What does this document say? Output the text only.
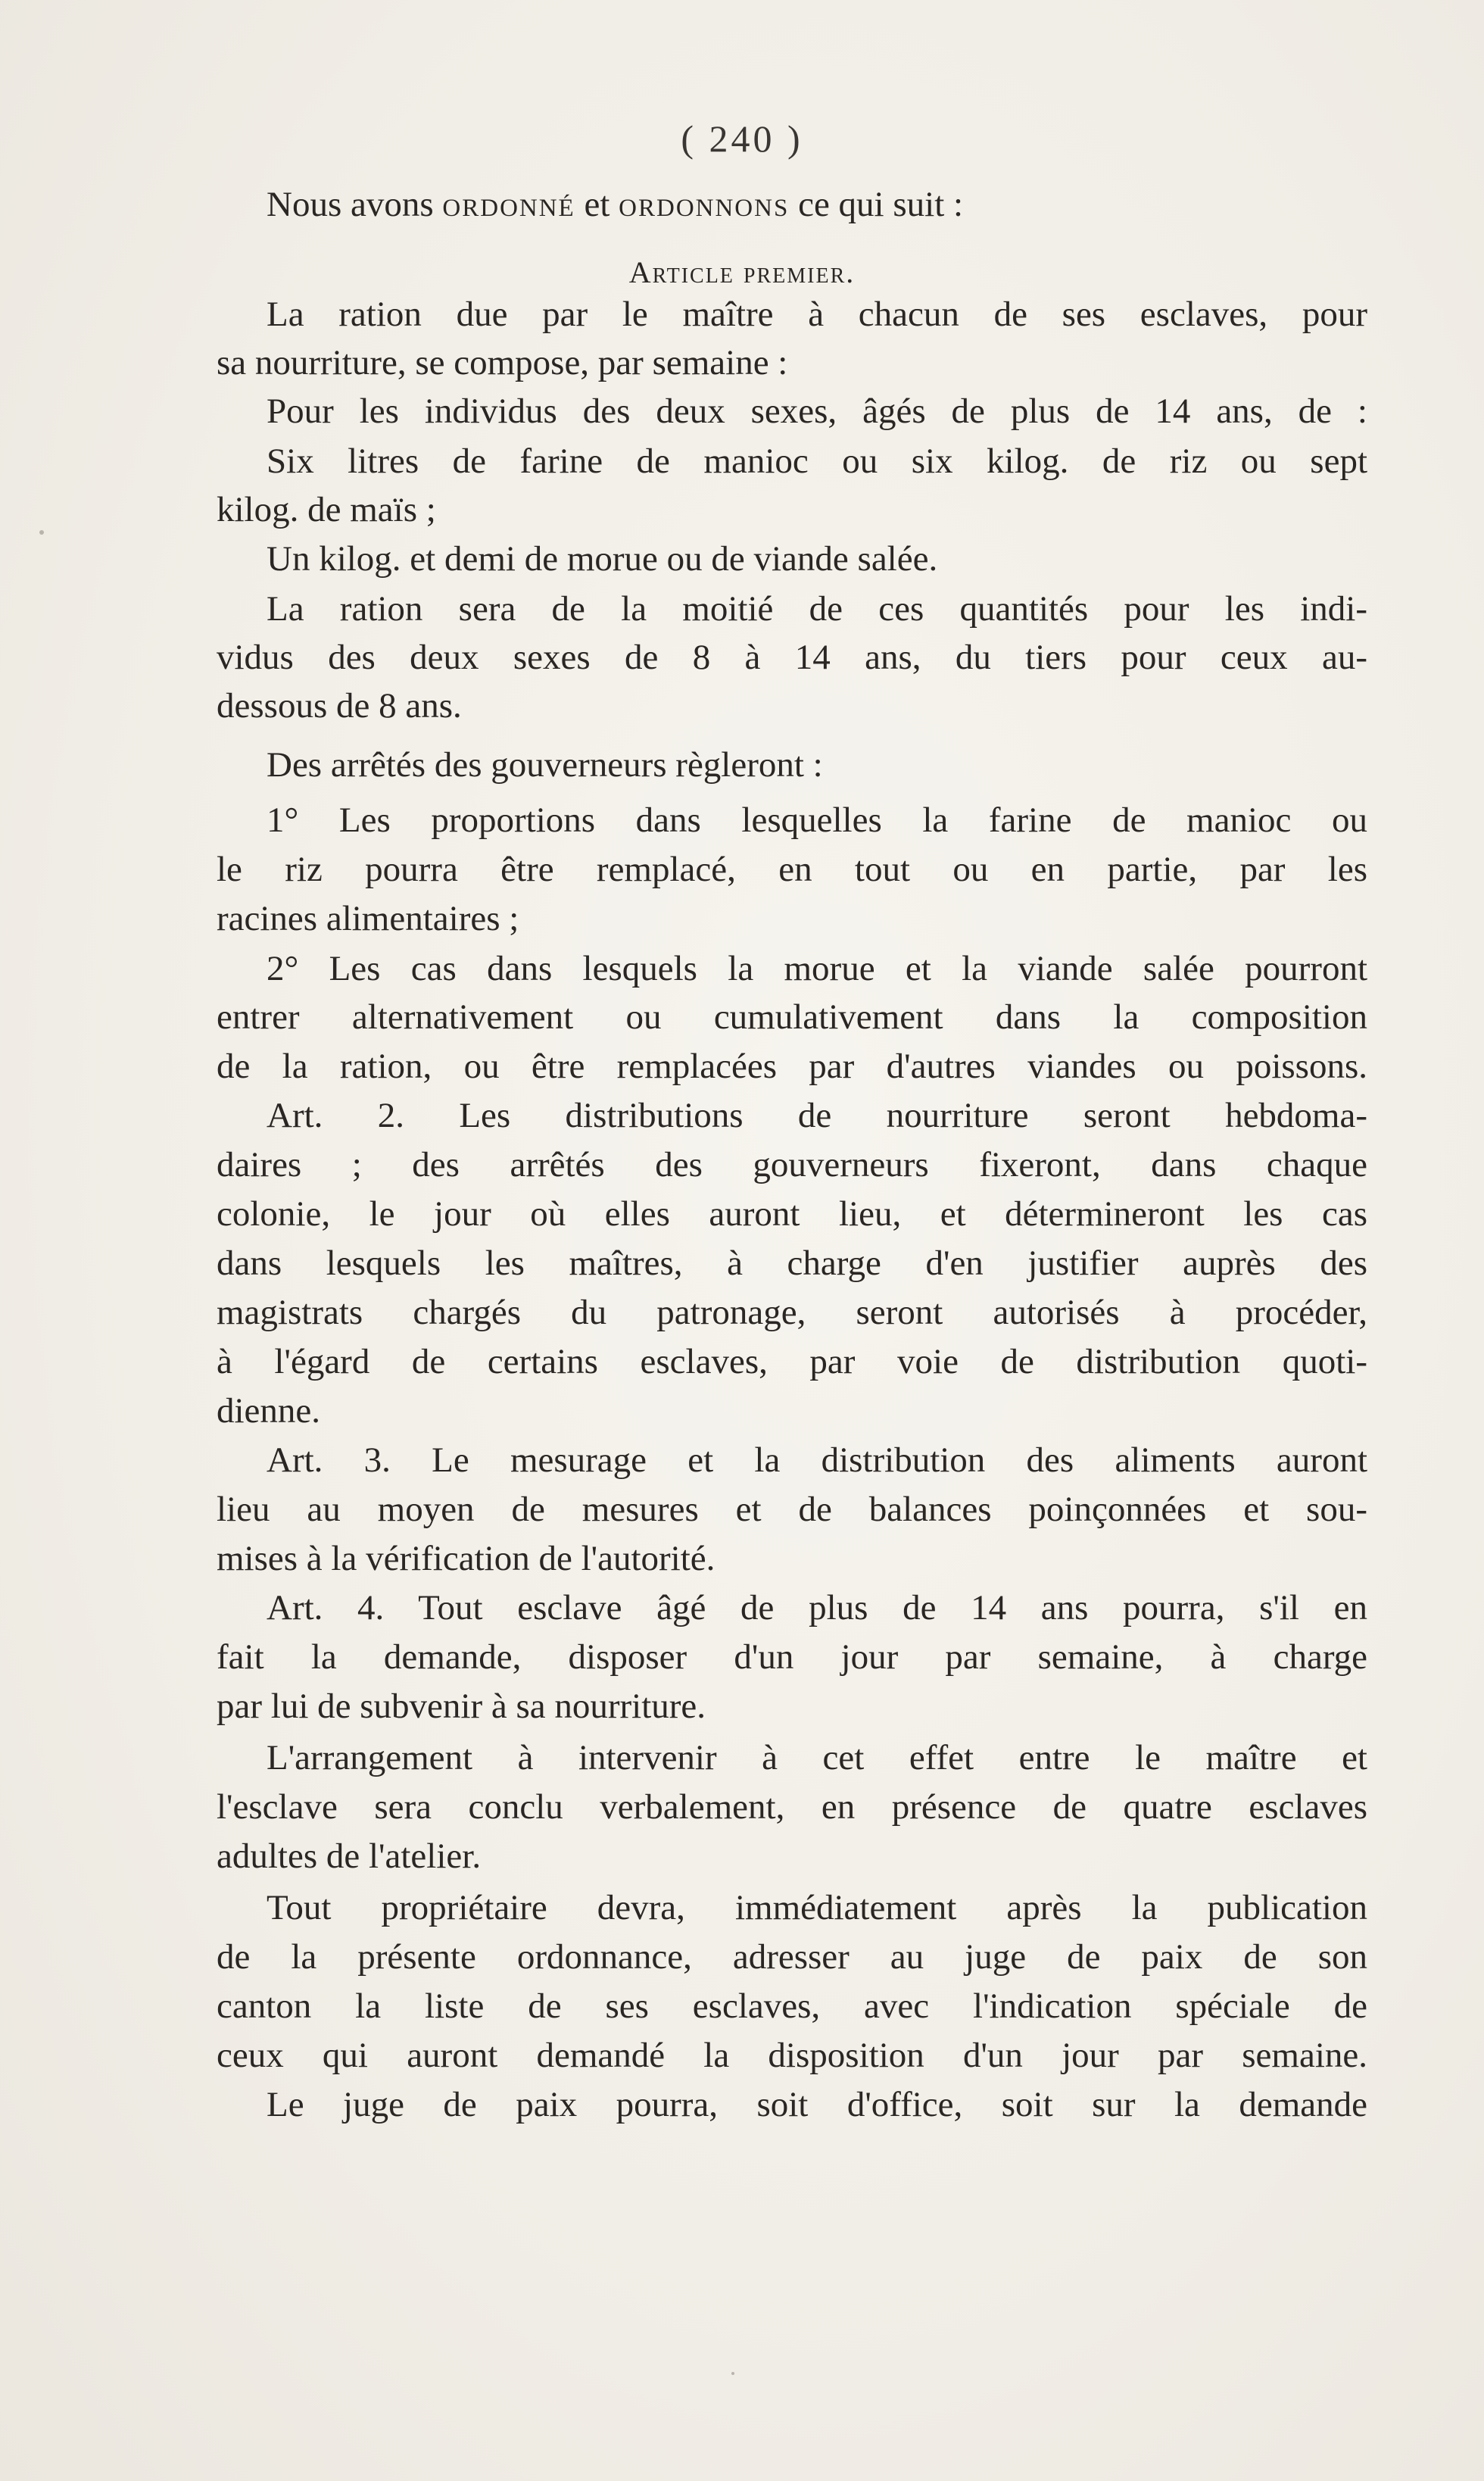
( 240 )
Nous avons ordonné et ordonnons ce qui suit :
Article premier.
La ration due par le maître à chacun de ses esclaves, pour
sa nourriture, se compose, par semaine :
Pour les individus des deux sexes, âgés de plus de 14 ans, de :
Six litres de farine de manioc ou six kilog. de riz ou sept
kilog. de maïs ;
Un kilog. et demi de morue ou de viande salée.
La ration sera de la moitié de ces quantités pour les indi-
vidus des deux sexes de 8 à 14 ans, du tiers pour ceux au-
dessous de 8 ans.
Des arrêtés des gouverneurs règleront :
1° Les proportions dans lesquelles la farine de manioc ou
le riz pourra être remplacé, en tout ou en partie, par les
racines alimentaires ;
2° Les cas dans lesquels la morue et la viande salée pourront
entrer alternativement ou cumulativement dans la composition
de la ration, ou être remplacées par d'autres viandes ou poissons.
Art. 2. Les distributions de nourriture seront hebdoma-
daires ; des arrêtés des gouverneurs fixeront, dans chaque
colonie, le jour où elles auront lieu, et détermineront les cas
dans lesquels les maîtres, à charge d'en justifier auprès des
magistrats chargés du patronage, seront autorisés à procéder,
à l'égard de certains esclaves, par voie de distribution quoti-
dienne.
Art. 3. Le mesurage et la distribution des aliments auront
lieu au moyen de mesures et de balances poinçonnées et sou-
mises à la vérification de l'autorité.
Art. 4. Tout esclave âgé de plus de 14 ans pourra, s'il en
fait la demande, disposer d'un jour par semaine, à charge
par lui de subvenir à sa nourriture.
L'arrangement à intervenir à cet effet entre le maître et
l'esclave sera conclu verbalement, en présence de quatre esclaves
adultes de l'atelier.
Tout propriétaire devra, immédiatement après la publication
de la présente ordonnance, adresser au juge de paix de son
canton la liste de ses esclaves, avec l'indication spéciale de
ceux qui auront demandé la disposition d'un jour par semaine.
Le juge de paix pourra, soit d'office, soit sur la demande
